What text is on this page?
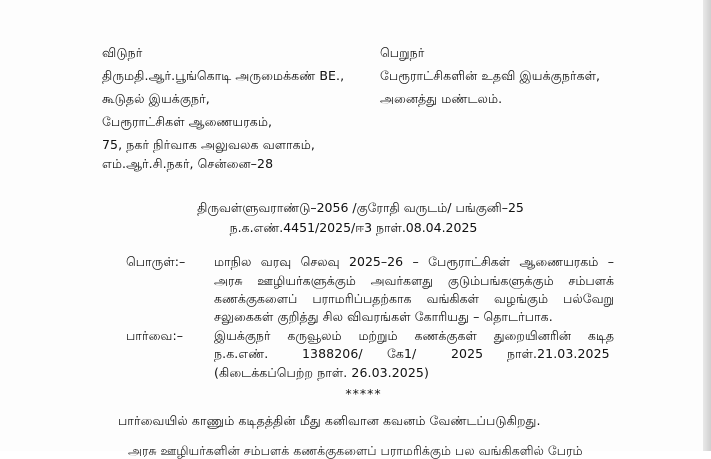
விடுநர்
திருமதி.ஆர்.பூங்கொடி அருமைக்கண் BE.,
கூடுதல் இயக்குநர்,
பேரூராட்சிகள் ஆணையரகம்,
75, நகர் நிர்வாக அலுவலக வளாகம்,
எம்.ஆர்.சி.நகர், சென்னை–28
பெறுநர்
பேரூராட்சிகளின் உதவி இயக்குநர்கள்,
அனைத்து மண்டலம்.
திருவள்ளுவராண்டு–2056 /குரோதி வருடம்/ பங்குனி–25
ந.க.எண்.4451/2025/ஈ3 நாள்.08.04.2025
பொருள்:– மாநில வரவு செலவு 2025–26 – பேரூராட்சிகள் ஆணையரகம் –
அரசு ஊழியர்களுக்கும் அவர்களது குடும்பங்களுக்கும் சம்பளக்
கணக்குகளைப் பராமரிப்பதற்காக வங்கிகள் வழங்கும் பல்வேறு
சலுகைகள் குறித்து சில விவரங்கள் கோரியது – தொடர்பாக.
பார்வை:– இயக்குநர் கருவூலம் மற்றும் கணக்குகள் துறையினரின் கடித
ந.க.எண்.	1388206/ கே1/	2025 நாள்.21.03.2025
(கிடைக்கப்பெற்ற நாள். 26.03.2025)
*****
பார்வையில் காணும் கடிதத்தின் மீது கனிவான கவனம் வேண்டப்படுகிறது.
அரசு ஊழியர்களின் சம்பளக் கணக்குகளைப் பராமரிக்கும் பல வங்கிகளில் பேரம்
